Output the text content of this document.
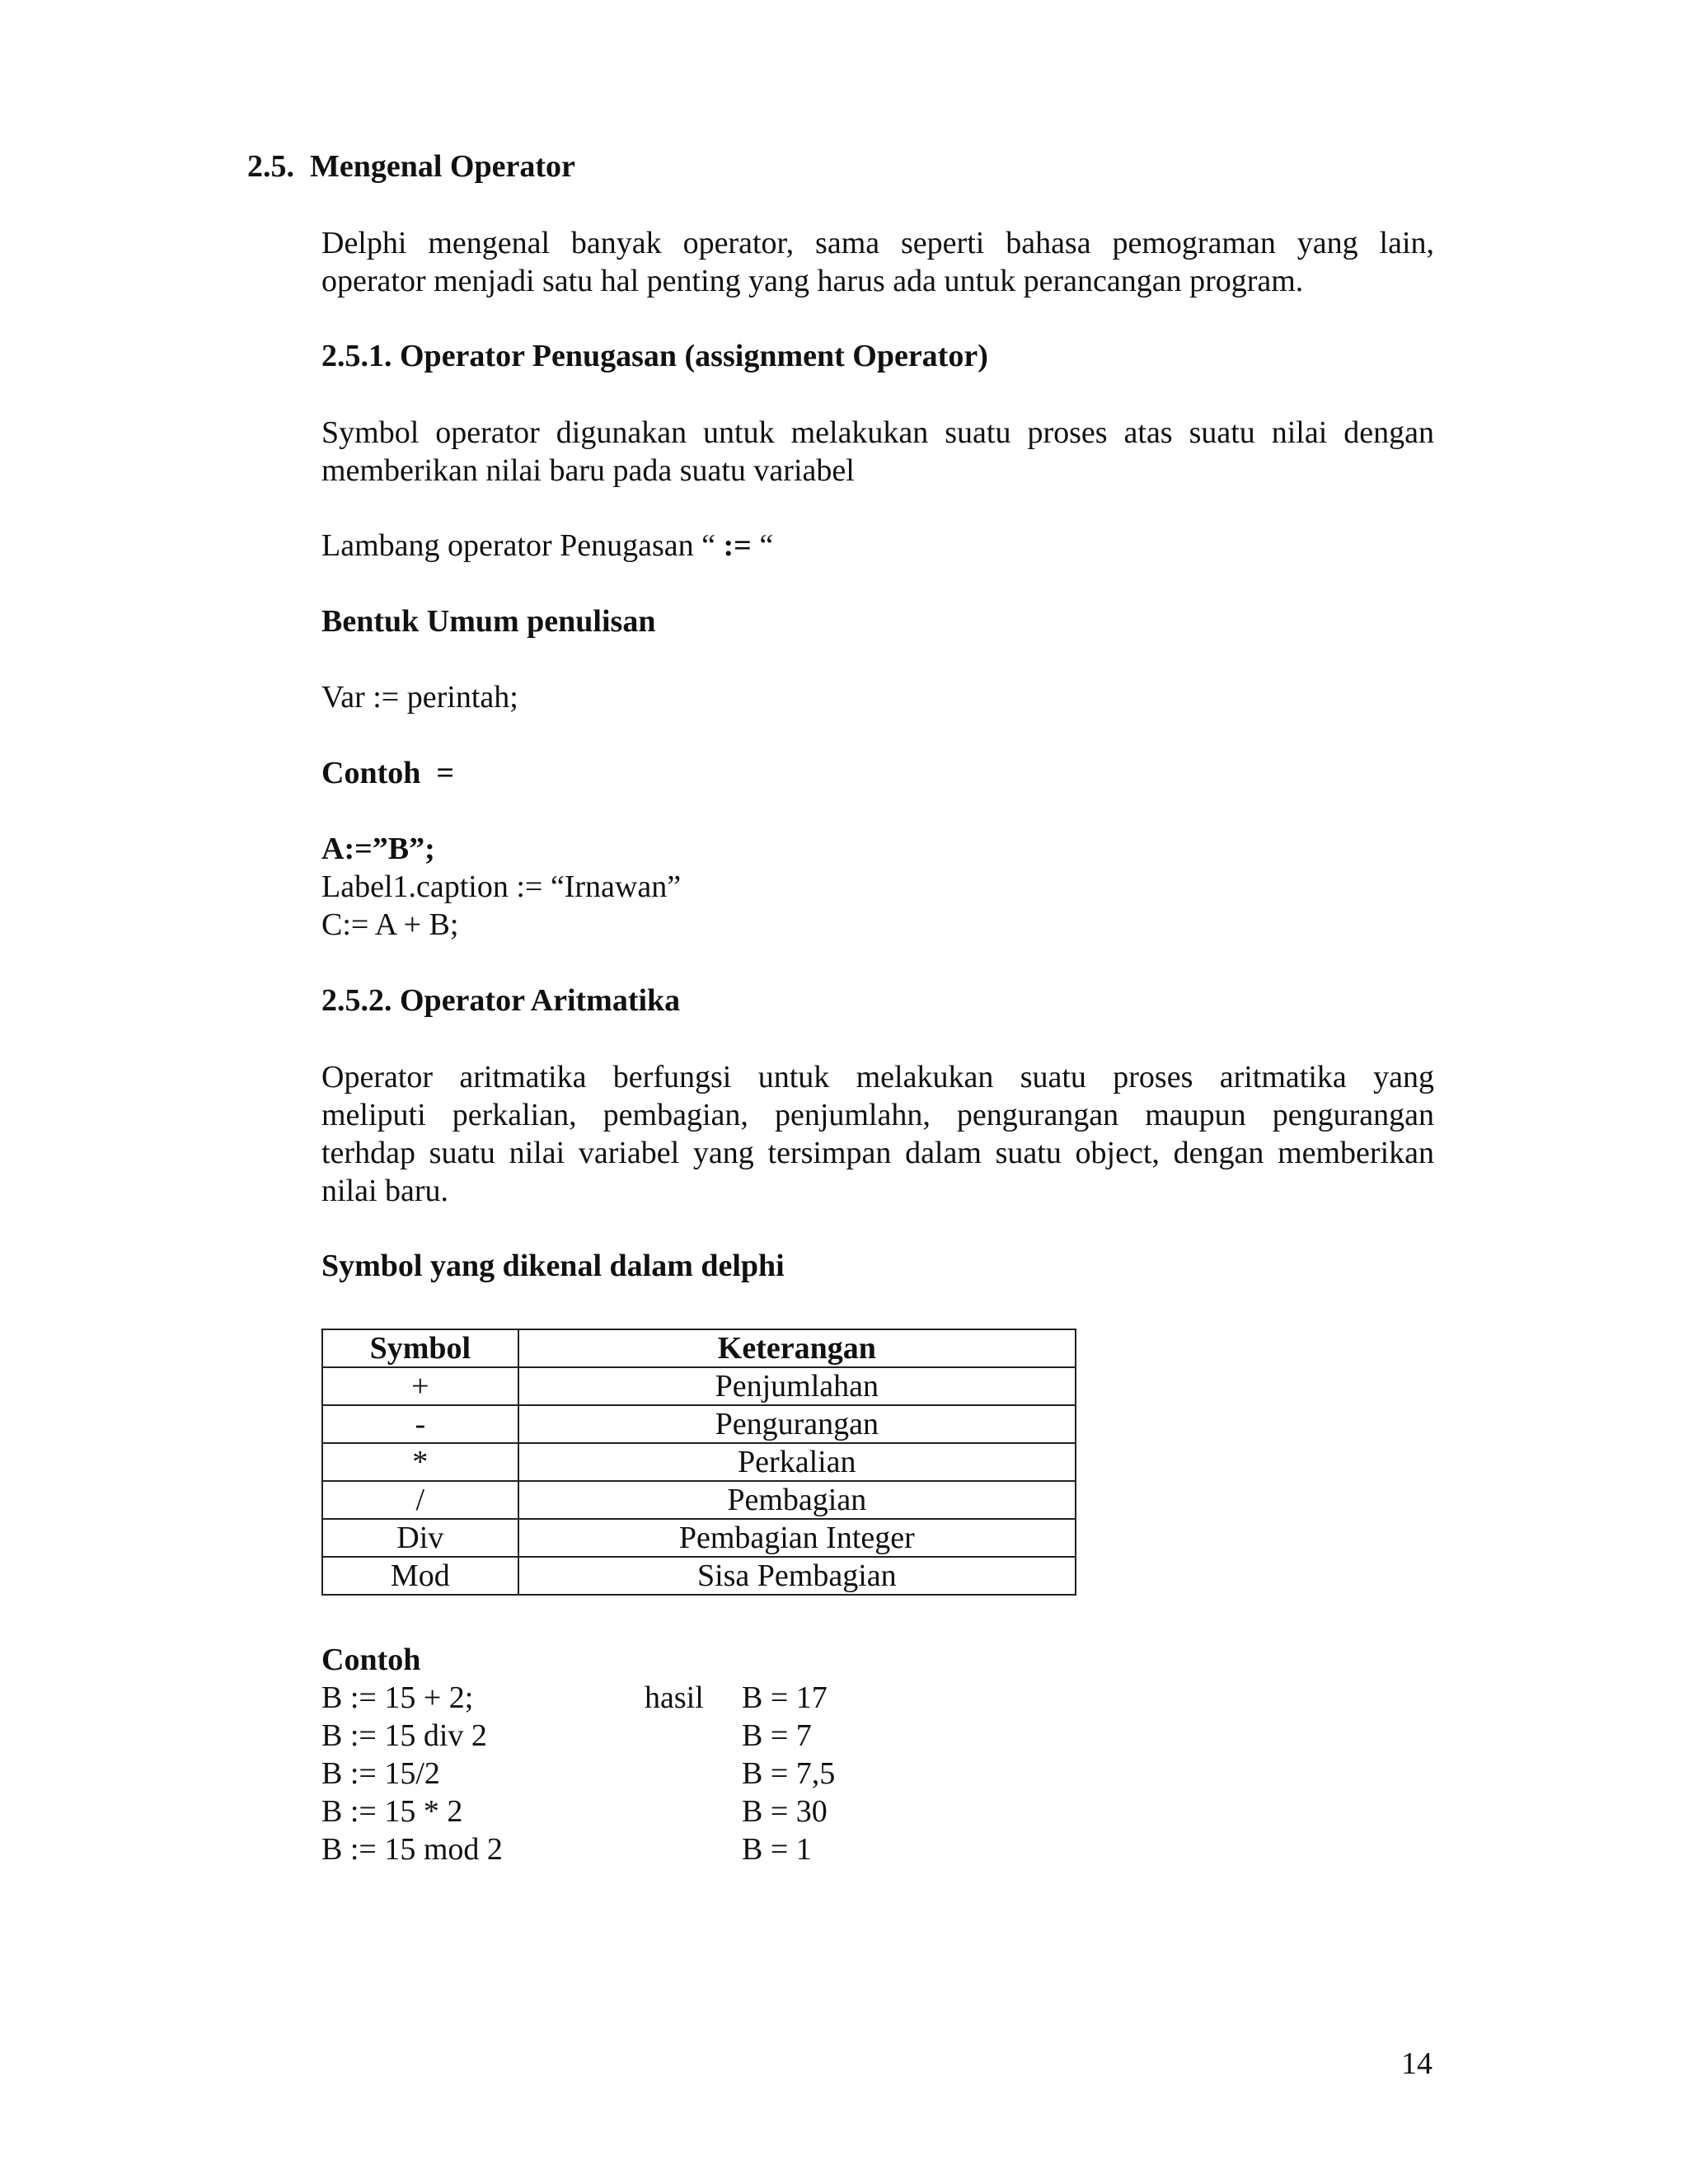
2.5. Mengenal Operator
Delphi mengenal banyak operator, sama seperti bahasa pemograman yang lain,
operator menjadi satu hal penting yang harus ada untuk perancangan program.
2.5.1. Operator Penugasan (assignment Operator)
Symbol operator digunakan untuk melakukan suatu proses atas suatu nilai dengan
memberikan nilai baru pada suatu variabel
Lambang operator Penugasan “ := “
Bentuk Umum penulisan
Var := perintah;
Contoh  =
A:=”B”;
Label1.caption := “Irnawan”
C:= A + B;
2.5.2. Operator Aritmatika
Operator aritmatika berfungsi untuk melakukan suatu proses aritmatika yang
meliputi perkalian, pembagian, penjumlahn, pengurangan maupun pengurangan
terhdap suatu nilai variabel yang tersimpan dalam suatu object, dengan memberikan
nilai baru.
Symbol yang dikenal dalam delphi
Symbol	Keterangan
+	Penjumlahan
-	Pengurangan
*	Perkalian
/	Pembagian
Div	Pembagian Integer
Mod	Sisa Pembagian
Contoh
B := 15 + 2;	hasil B = 17
B := 15 div 2	B = 7
B := 15/2	B = 7,5
B := 15 * 2	B = 30
B := 15 mod 2	B = 1
14
